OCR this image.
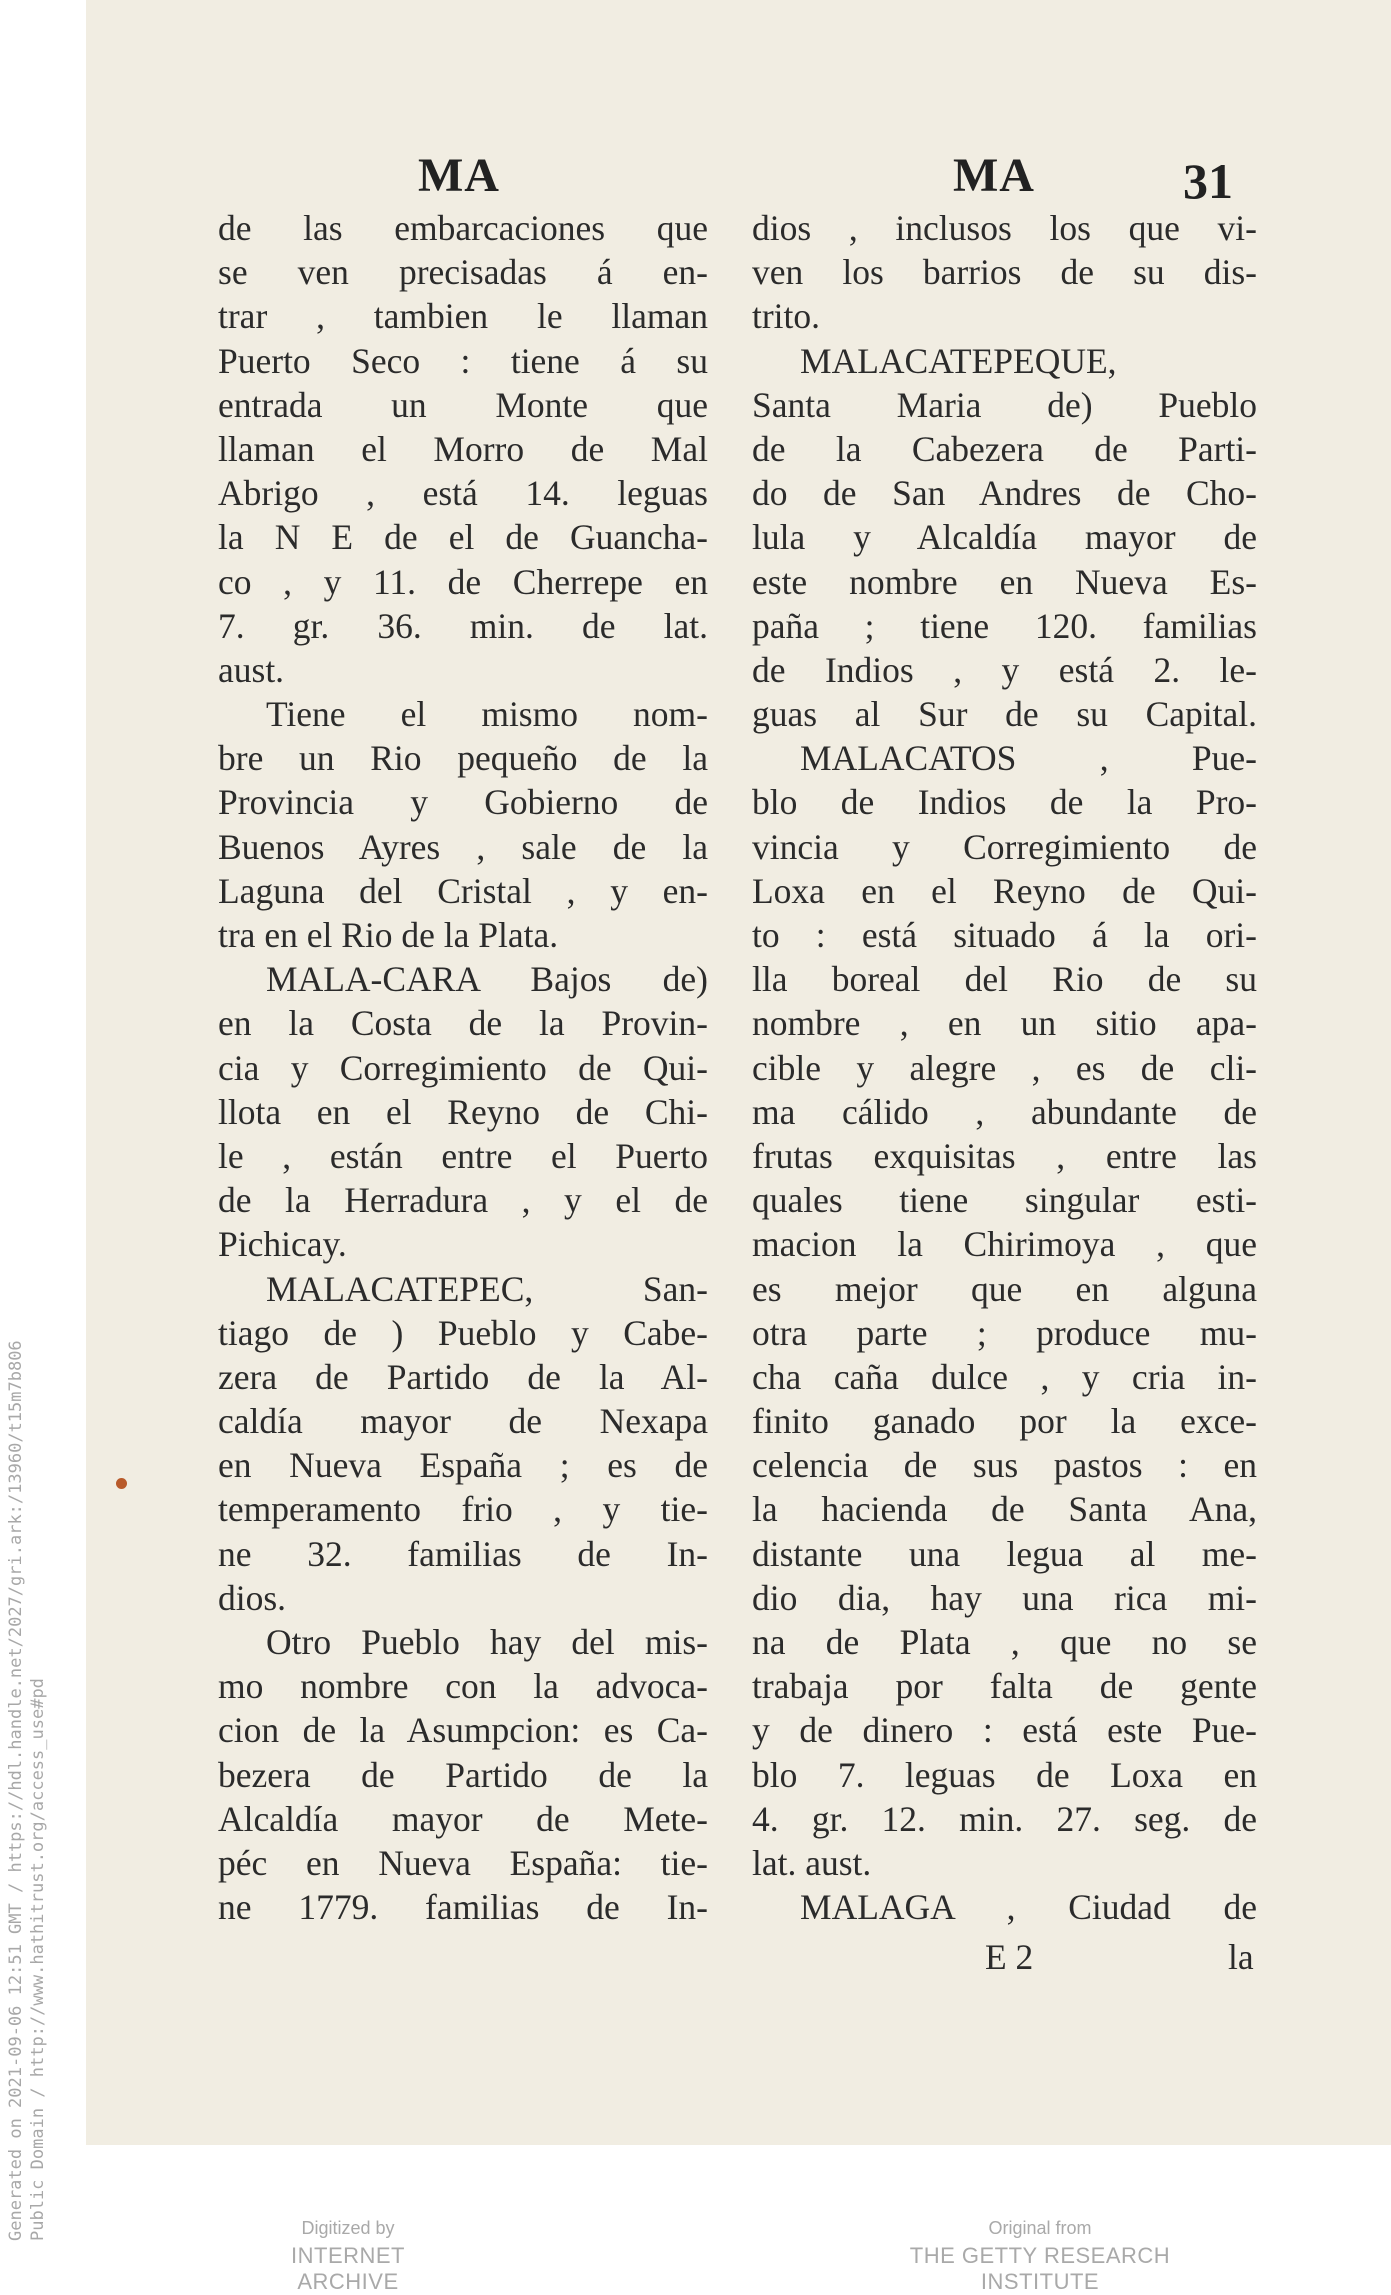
Generated on 2021-09-06 12:51 GMT / https://hdl.handle.net/2027/gri.ark:/13960/t15m7b806 Public Domain / http://www.hathitrust.org/access_use#pd
MA	MA	31
de las embarcaciones que
se ven precisadas á en-
trar , tambien le llaman
Puerto Seco : tiene á su
entrada un Monte que
llaman el Morro de Mal
Abrigo , está 14. leguas
la N E de el de Guancha-
co , y 11. de Cherrepe en
7. gr. 36. min. de lat.
aust.
Tiene el mismo nom-
bre un Rio pequeño de la
Provincia y Gobierno de
Buenos Ayres , sale de la
Laguna del Cristal , y en-
tra en el Rio de la Plata.
MALA-CARA Bajos de)
en la Costa de la Provin-
cia y Corregimiento de Qui-
llota en el Reyno de Chi-
le , están entre el Puerto
de la Herradura , y el de
Pichicay.
MALACATEPEC, San-
tiago de ) Pueblo y Cabe-
zera de Partido de la Al-
caldía mayor de Nexapa
en Nueva España ; es de
temperamento frio , y tie-
ne 32. familias de In-
dios.
Otro Pueblo hay del mis-
mo nombre con la advoca-
cion de la Asumpcion: es Ca-
bezera de Partido de la
Alcaldía mayor de Mete-
péc en Nueva España: tie-
ne 1779. familias de In-
dios , inclusos los que vi-
ven los barrios de su dis-
trito.
MALACATEPEQUE,
Santa Maria de) Pueblo
de la Cabezera de Parti-
do de San Andres de Cho-
lula y Alcaldía mayor de
este nombre en Nueva Es-
paña ; tiene 120. familias
de Indios , y está 2. le-
guas al Sur de su Capital.
MALACATOS , Pue-
blo de Indios de la Pro-
vincia y Corregimiento de
Loxa en el Reyno de Qui-
to : está situado á la ori-
lla boreal del Rio de su
nombre , en un sitio apa-
cible y alegre , es de cli-
ma cálido , abundante de
frutas exquisitas , entre las
quales tiene singular esti-
macion la Chirimoya , que
es mejor que en alguna
otra parte ; produce mu-
cha caña dulce , y cria in-
finito ganado por la exce-
celencia de sus pastos : en
la hacienda de Santa Ana,
distante una legua al me-
dio dia, hay una rica mi-
na de Plata , que no se
trabaja por falta de gente
y de dinero : está este Pue-
blo 7. leguas de Loxa en
4. gr. 12. min. 27. seg. de
lat. aust.
MALAGA , Ciudad de
E 2	la
Digitized by
INTERNET ARCHIVE
Original from
THE GETTY RESEARCH INSTITUTE
